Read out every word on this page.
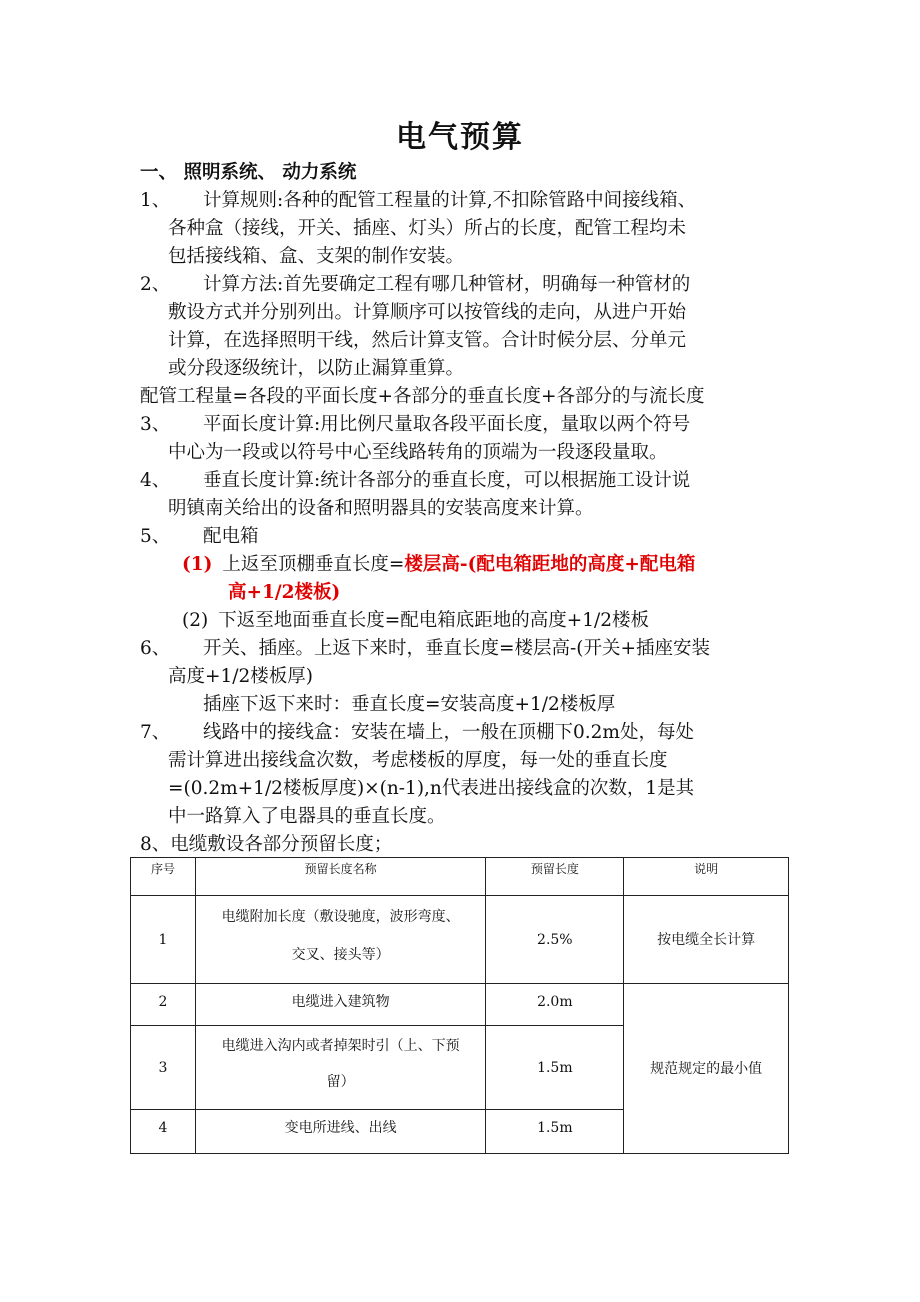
电气预算
一、 照明系统、 动力系统
1、 计算规则:各种的配管工程量的计算,不扣除管路中间接线箱、
各种盒（接线，开关、插座、灯头）所占的长度，配管工程均未
包括接线箱、盒、支架的制作安装。
2、 计算方法:首先要确定工程有哪几种管材，明确每一种管材的
敷设方式并分别列出。计算顺序可以按管线的走向，从进户开始
计算，在选择照明干线，然后计算支管。合计时候分层、分单元
或分段逐级统计，以防止漏算重算。
配管工程量=各段的平面长度+各部分的垂直长度+各部分的与流长度
3、 平面长度计算:用比例尺量取各段平面长度，量取以两个符号
中心为一段或以符号中心至线路转角的顶端为一段逐段量取。
4、 垂直长度计算:统计各部分的垂直长度，可以根据施工设计说
明镇南关给出的设备和照明器具的安装高度来计算。
5、 配电箱
(1) 上返至顶棚垂直长度=楼层高-(配电箱距地的高度+配电箱
高+1/2楼板)
(2) 下返至地面垂直长度=配电箱底距地的高度+1/2楼板
6、 开关、插座。上返下来时，垂直长度=楼层高-(开关+插座安装
高度+1/2楼板厚)
插座下返下来时：垂直长度=安装高度+1/2楼板厚
7、 线路中的接线盒：安装在墙上，一般在顶棚下0.2m处，每处
需计算进出接线盒次数，考虑楼板的厚度，每一处的垂直长度
=(0.2m+1/2楼板厚度)×(n-1),n代表进出接线盒的次数，1是其
中一路算入了电器具的垂直长度。
8、电缆敷设各部分预留长度；
序号	预留长度名称	预留长度	说明
1	电缆附加长度（敷设驰度，波形弯度、
交叉、接头等）	2.5%	按电缆全长计算
2	电缆进入建筑物	2.0m	规范规定的最小值
3	电缆进入沟内或者掉架时引（上、下预
留）	1.5m	
4	变电所进线、出线	1.5m	
